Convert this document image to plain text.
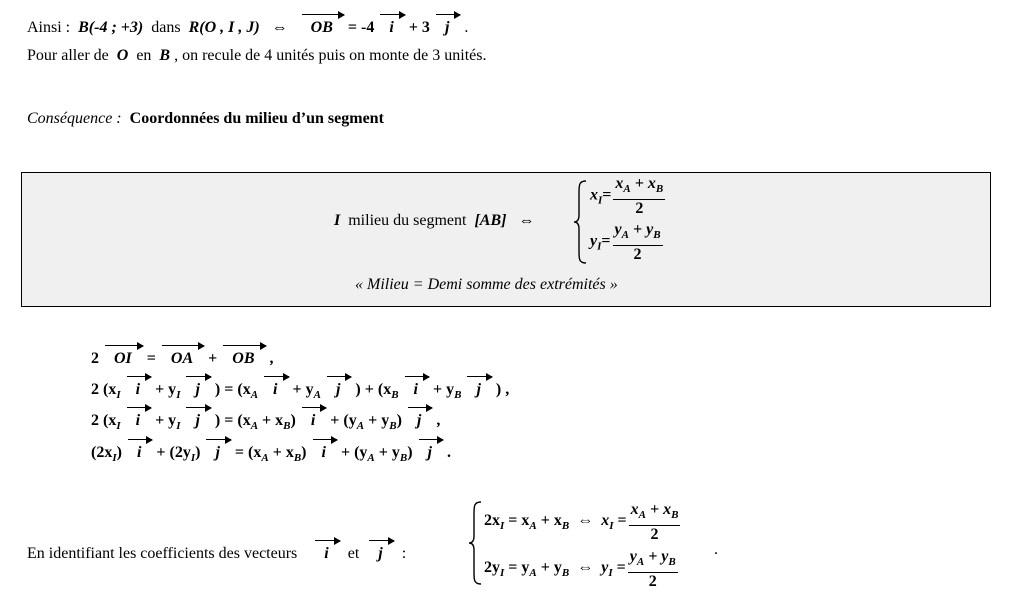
Ainsi : B(-4 ; +3) dans R(O , I , J) ⇔ OB = -4 i + 3 j .
Pour aller de O en B , on recule de 4 unités puis on monte de 3 unités.
Conséquence : Coordonnées du milieu d’un segment
I milieu du segment [AB] ⇔
$x_I= \frac{x_A + x_B}{2}$
$y_I= \frac{y_A + y_B}{2}$
« Milieu = Demi somme des extrémités »
2 OI = OA + OB ,
2 ($x_I$ $i + y_I$ j ) = ($x_A$ $i + y_A$ j ) + ($x_B$ $i + y_B$ j ) ,
2 ($x_I$ $i + y_I$ j ) = $(x_A + x_B) i + (y_A + y_B)$ j ,
$(2x_I) i + (2y_I) j = (x_A + x_B) i + (y_A + y_B)$ j .
En identifiant les coefficients des vecteurs i et j :
$2x_I = x_A + x_B$ ⇔ $x_I = \frac{x_A + x_B}{2}$
$2y_I = y_A + y_B$ ⇔ $y_I = \frac{y_A + y_B}{2}$ .
